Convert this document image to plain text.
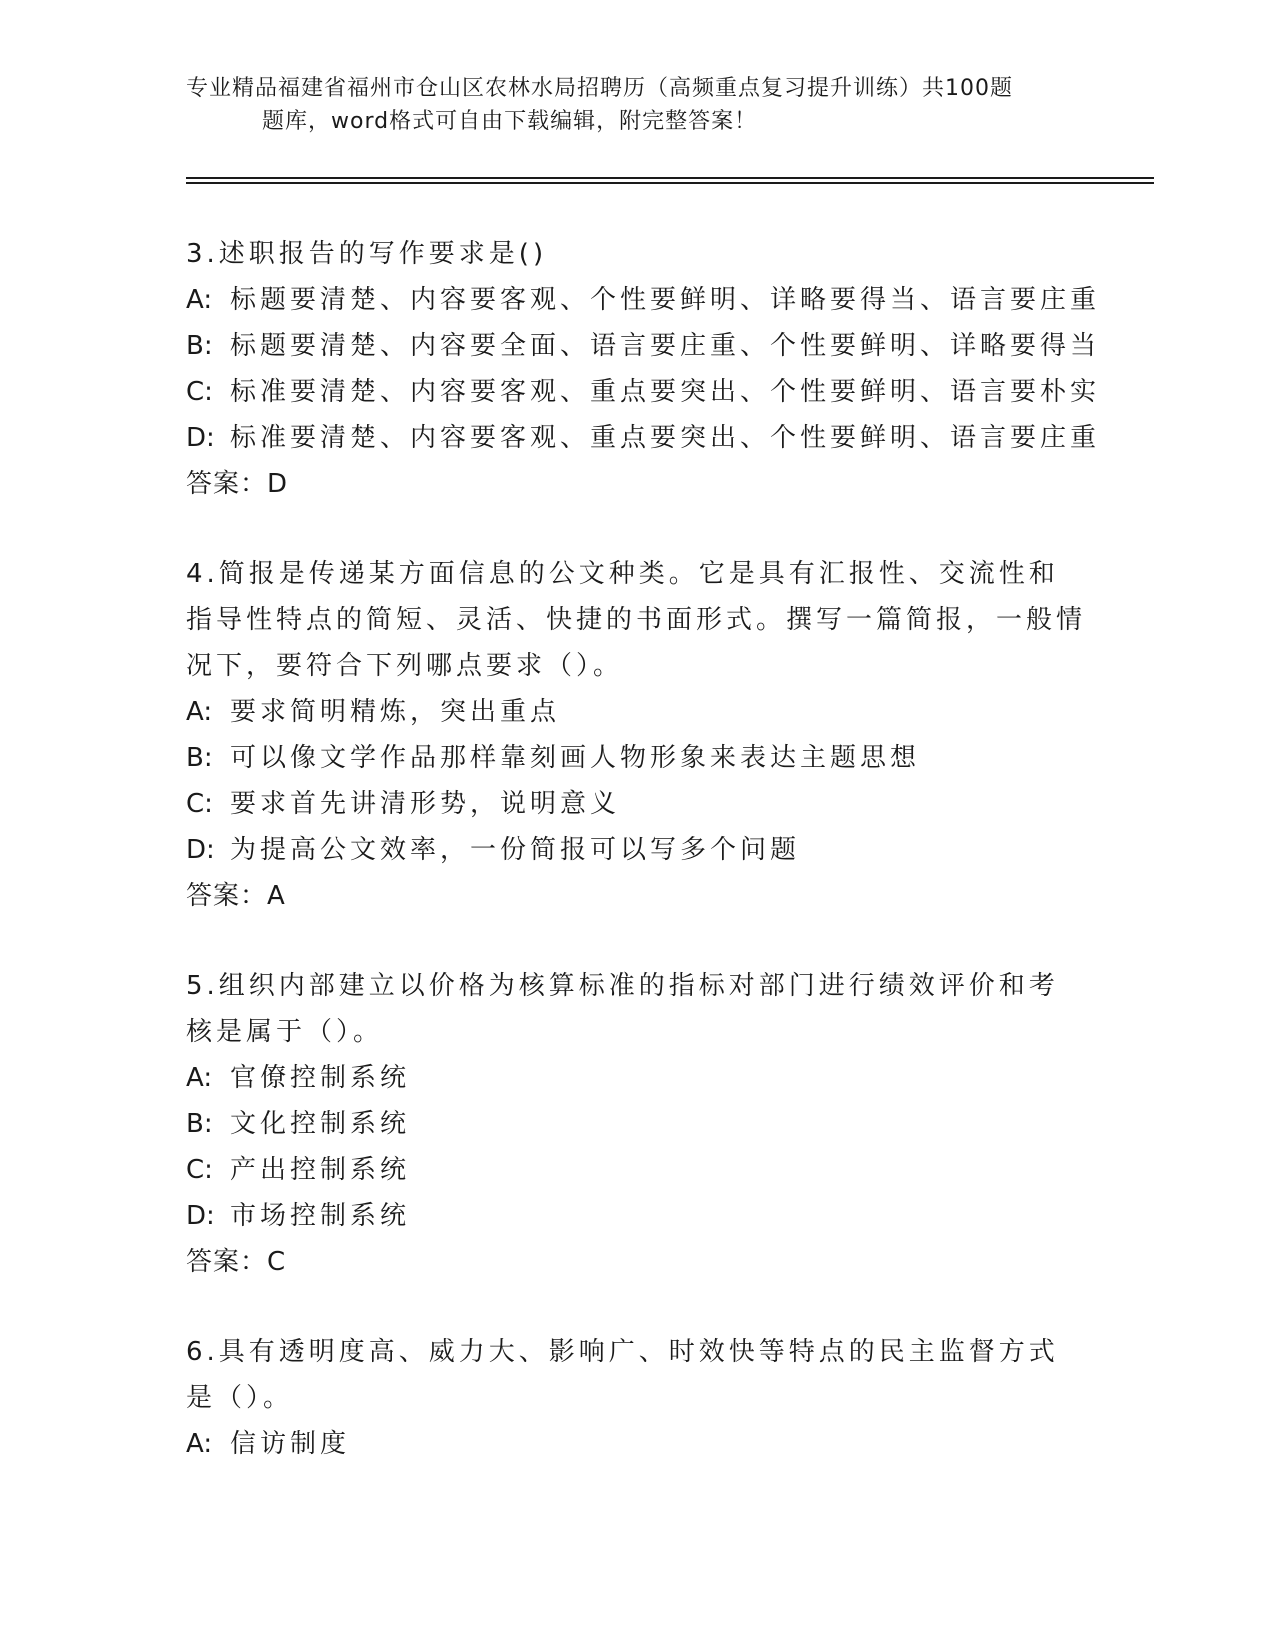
专业精品福建省福州市仓山区农林水局招聘历（高频重点复习提升训练）共100题
题库，word格式可自由下载编辑，附完整答案！

3.述职报告的写作要求是()

A: 标题要清楚、内容要客观、个性要鲜明、详略要得当、语言要庄重

B: 标题要清楚、内容要全面、语言要庄重、个性要鲜明、详略要得当

C: 标准要清楚、内容要客观、重点要突出、个性要鲜明、语言要朴实

D: 标准要清楚、内容要客观、重点要突出、个性要鲜明、语言要庄重

答案：D

4.简报是传递某方面信息的公文种类。它是具有汇报性、交流性和指导性特点的简短、灵活、快捷的书面形式。撰写一篇简报，一般情况下，要符合下列哪点要求（）。

A: 要求简明精炼，突出重点

B: 可以像文学作品那样靠刻画人物形象来表达主题思想

C: 要求首先讲清形势，说明意义

D: 为提高公文效率，一份简报可以写多个问题

答案：A

5.组织内部建立以价格为核算标准的指标对部门进行绩效评价和考核是属于（）。

A: 官僚控制系统

B: 文化控制系统

C: 产出控制系统

D: 市场控制系统

答案：C

6.具有透明度高、威力大、影响广、时效快等特点的民主监督方式是（）。

A: 信访制度
